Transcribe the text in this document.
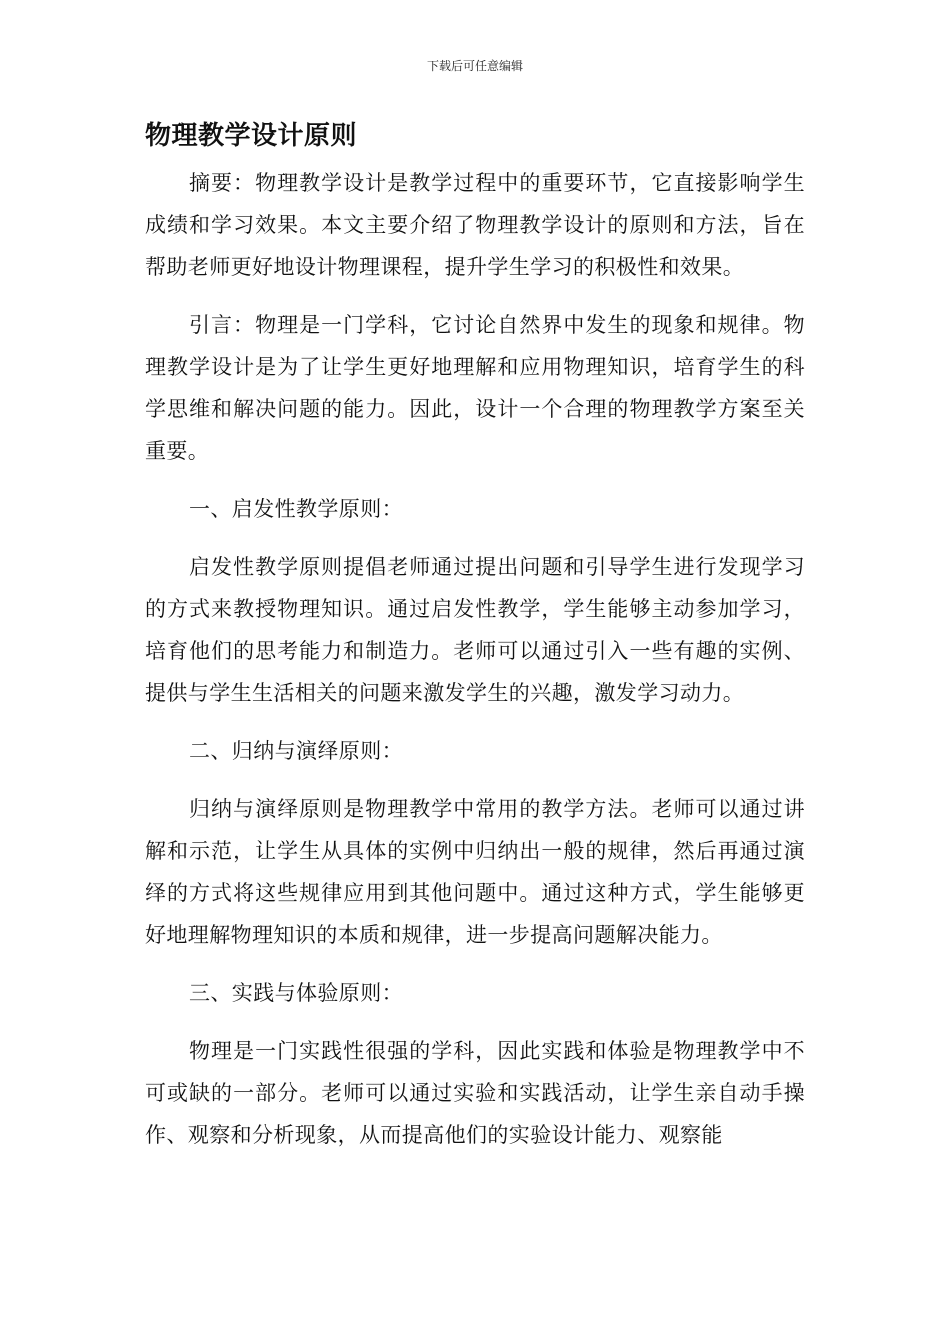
下载后可任意编辑
物理教学设计原则

摘要：物理教学设计是教学过程中的重要环节，它直接影响学生成绩和学习效果。本文主要介绍了物理教学设计的原则和方法，旨在帮助老师更好地设计物理课程，提升学生学习的积极性和效果。

引言：物理是一门学科，它讨论自然界中发生的现象和规律。物理教学设计是为了让学生更好地理解和应用物理知识，培育学生的科学思维和解决问题的能力。因此，设计一个合理的物理教学方案至关重要。

一、启发性教学原则：

启发性教学原则提倡老师通过提出问题和引导学生进行发现学习的方式来教授物理知识。通过启发性教学，学生能够主动参加学习，培育他们的思考能力和制造力。老师可以通过引入一些有趣的实例、提供与学生生活相关的问题来激发学生的兴趣，激发学习动力。

二、归纳与演绎原则：

归纳与演绎原则是物理教学中常用的教学方法。老师可以通过讲解和示范，让学生从具体的实例中归纳出一般的规律，然后再通过演绎的方式将这些规律应用到其他问题中。通过这种方式，学生能够更好地理解物理知识的本质和规律，进一步提高问题解决能力。

三、实践与体验原则：

物理是一门实践性很强的学科，因此实践和体验是物理教学中不可或缺的一部分。老师可以通过实验和实践活动，让学生亲自动手操作、观察和分析现象，从而提高他们的实验设计能力、观察能
